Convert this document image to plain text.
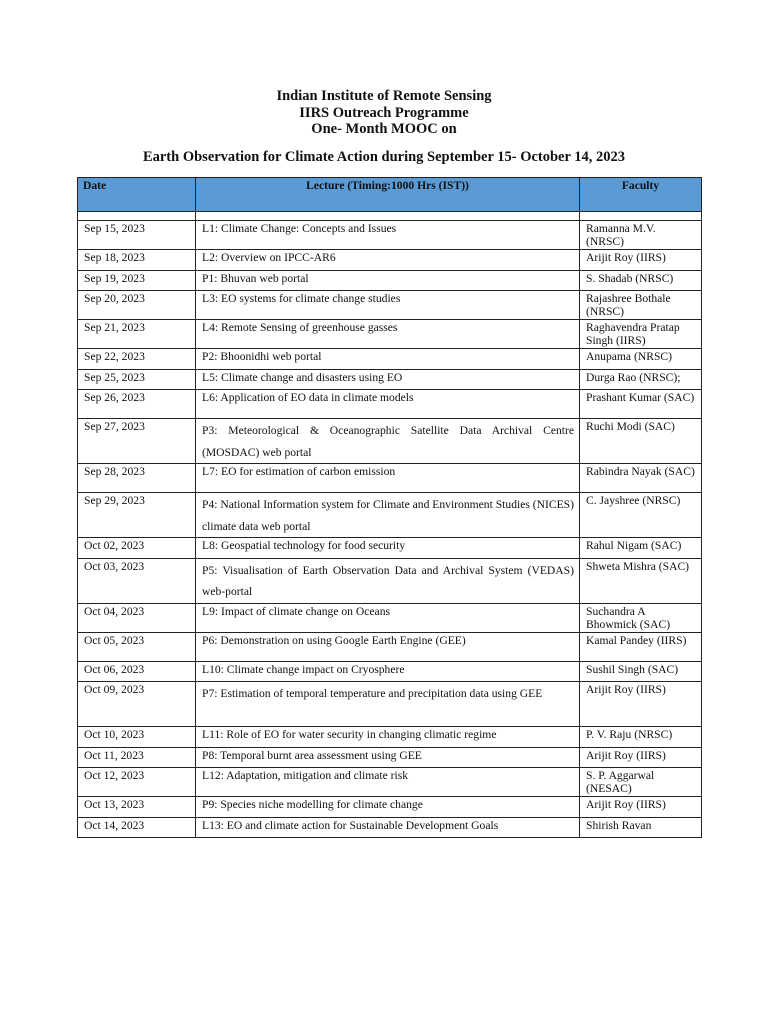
Indian Institute of Remote Sensing
IIRS Outreach Programme
One- Month MOOC on
Earth Observation for Climate Action during September 15- October 14, 2023
Date	Lecture (Timing:1000 Hrs (IST))	Faculty

Sep 15, 2023	L1: Climate Change: Concepts and Issues	Ramanna M.V. (NRSC)
Sep 18, 2023	L2: Overview on IPCC-AR6	Arijit Roy (IIRS)
Sep 19, 2023	P1: Bhuvan web portal	S. Shadab (NRSC)
Sep 20, 2023	L3: EO systems for climate change studies	Rajashree Bothale (NRSC)
Sep 21, 2023	L4: Remote Sensing of greenhouse gasses	Raghavendra Pratap Singh (IIRS)
Sep 22, 2023	P2: Bhoonidhi web portal	Anupama (NRSC)
Sep 25, 2023	L5: Climate change and disasters using EO	Durga Rao (NRSC);
Sep 26, 2023	L6: Application of EO data in climate models	Prashant Kumar (SAC)
Sep 27, 2023	P3: Meteorological & Oceanographic Satellite Data Archival Centre (MOSDAC) web portal	Ruchi Modi (SAC)
Sep 28, 2023	L7: EO for estimation of carbon emission	Rabindra Nayak (SAC)
Sep 29, 2023	P4: National Information system for Climate and Environment Studies (NICES) climate data web portal	C. Jayshree (NRSC)
Oct 02, 2023	L8: Geospatial technology for food security	Rahul Nigam (SAC)
Oct 03, 2023	P5: Visualisation of Earth Observation Data and Archival System (VEDAS) web-portal	Shweta Mishra (SAC)
Oct 04, 2023	L9: Impact of climate change on Oceans	Suchandra A Bhowmick (SAC)
Oct 05, 2023	P6: Demonstration on using Google Earth Engine (GEE)	Kamal Pandey (IIRS)
Oct 06, 2023	L10: Climate change impact on Cryosphere	Sushil Singh (SAC)
Oct 09, 2023	P7: Estimation of temporal temperature and precipitation data using GEE	Arijit Roy (IIRS)
Oct 10, 2023	L11: Role of EO for water security in changing climatic regime	P. V. Raju (NRSC)
Oct 11, 2023	P8: Temporal burnt area assessment using GEE	Arijit Roy (IIRS)
Oct 12, 2023	L12: Adaptation, mitigation and climate risk	S. P. Aggarwal (NESAC)
Oct 13, 2023	P9: Species niche modelling for climate change	Arijit Roy (IIRS)
Oct 14, 2023	L13: EO and climate action for Sustainable Development Goals	Shirish Ravan
